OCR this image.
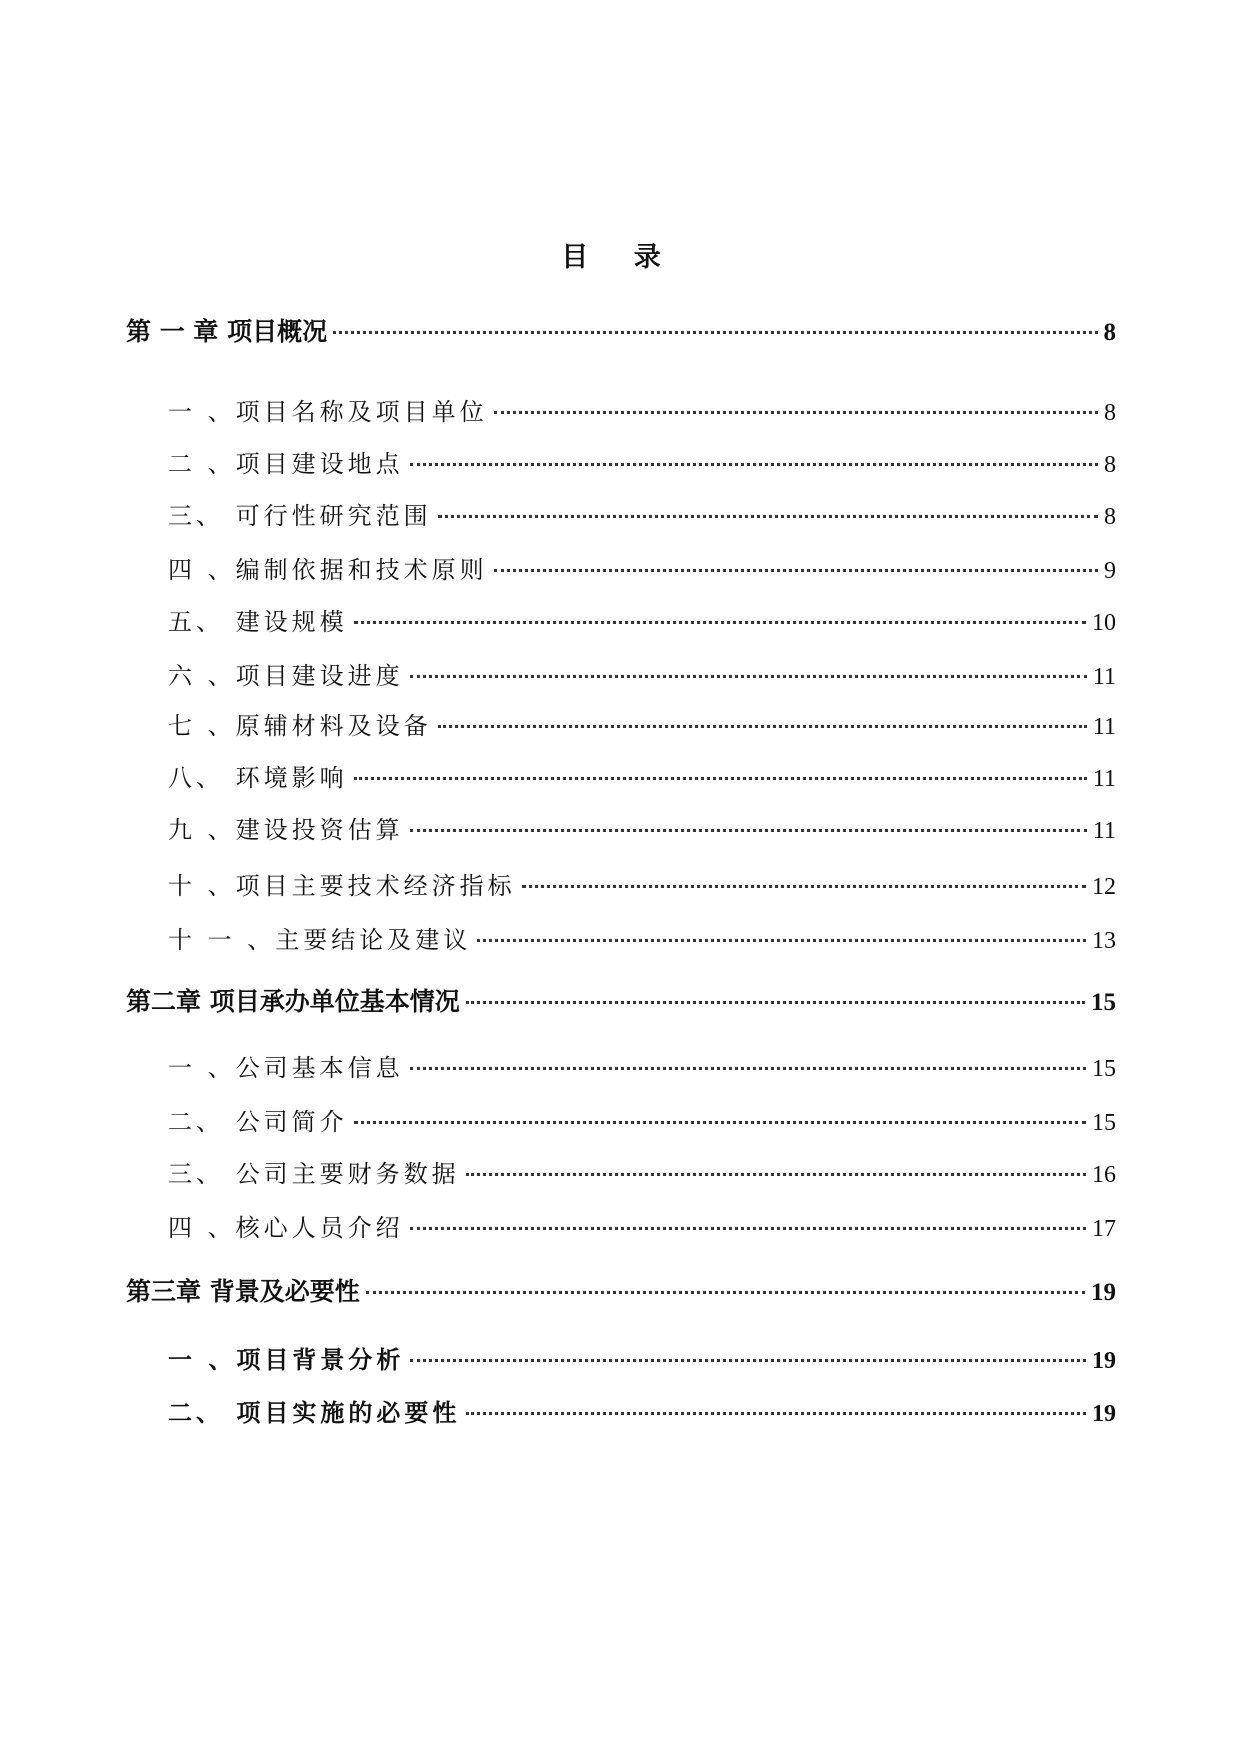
目 录
第 一 章 项目概况	8
一 、项目名称及项目单位	8
二 、项目建设地点	8
三、 可行性研究范围	8
四 、编制依据和技术原则	9
五、 建设规模	10
六 、项目建设进度	11
七 、原辅材料及设备	11
八、 环境影响	11
九 、建设投资估算	11
十 、项目主要技术经济指标	12
十 一 、主要结论及建议	13
第二章 项目承办单位基本情况	15
一 、公司基本信息	15
二、 公司简介	15
三、 公司主要财务数据	16
四 、核心人员介绍	17
第三章 背景及必要性	19
一 、项目背景分析	19
二、 项目实施的必要性	19
